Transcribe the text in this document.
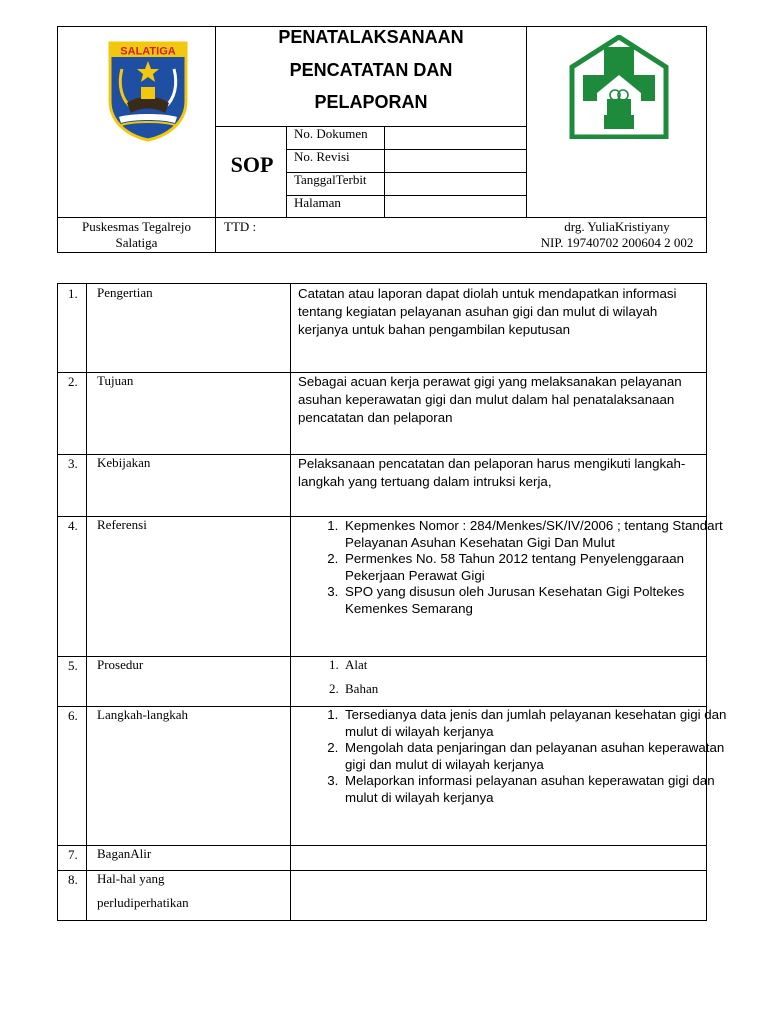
SALATIGA
PENATALAKSANAAN
PENCATATAN DAN
PELAPORAN
SOP
No. Dokumen
No. Revisi
TanggalTerbit
Halaman
Puskesmas Tegalrejo
Salatiga
TTD :	drg. YuliaKristiyany
NIP. 19740702 200604 2 002
1. Pengertian	Catatan atau laporan dapat diolah untuk mendapatkan informasi tentang kegiatan pelayanan asuhan gigi dan mulut di wilayah kerjanya untuk bahan pengambilan keputusan
2. Tujuan	Sebagai acuan kerja perawat gigi yang melaksanakan pelayanan asuhan keperawatan gigi dan mulut dalam hal penatalaksanaan pencatatan dan pelaporan
3. Kebijakan	Pelaksanaan pencatatan dan pelaporan harus mengikuti langkah-langkah yang tertuang dalam intruksi kerja,
4. Referensi	1. Kepmenkes Nomor : 284/Menkes/SK/IV/2006 ; tentang Standart Pelayanan Asuhan Kesehatan Gigi Dan Mulut
2. Permenkes No. 58 Tahun 2012 tentang Penyelenggaraan Pekerjaan Perawat Gigi
3. SPO yang disusun oleh Jurusan Kesehatan Gigi Poltekes Kemenkes Semarang
5. Prosedur	1. Alat
2. Bahan
6. Langkah-langkah	1. Tersedianya data jenis dan jumlah pelayanan kesehatan gigi dan mulut di wilayah kerjanya
2. Mengolah data penjaringan dan pelayanan asuhan keperawatan gigi dan mulut di wilayah kerjanya
3. Melaporkan informasi pelayanan asuhan keperawatan gigi dan mulut di wilayah kerjanya
7. BaganAlir
8. Hal-hal yang
perludiperhatikan
